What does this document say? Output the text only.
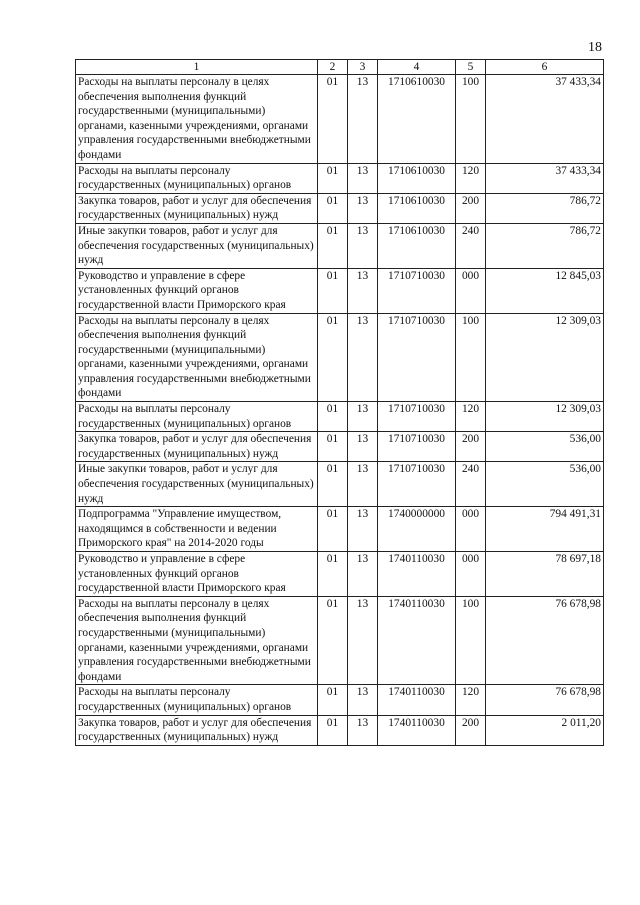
18
1	2	3	4	5	6
Расходы на выплаты персоналу в целях обеспечения выполнения функций государственными (муниципальными) органами, казенными учреждениями, органами управления государственными внебюджетными фондами	01	13	1710610030	100	37 433,34
Расходы на выплаты персоналу государственных (муниципальных) органов	01	13	1710610030	120	37 433,34
Закупка товаров, работ и услуг для обеспечения государственных (муниципальных) нужд	01	13	1710610030	200	786,72
Иные закупки товаров, работ и услуг для обеспечения государственных (муниципальных) нужд	01	13	1710610030	240	786,72
Руководство и управление в сфере установленных функций органов государственной власти Приморского края	01	13	1710710030	000	12 845,03
Расходы на выплаты персоналу в целях обеспечения выполнения функций государственными (муниципальными) органами, казенными учреждениями, органами управления государственными внебюджетными фондами	01	13	1710710030	100	12 309,03
Расходы на выплаты персоналу государственных (муниципальных) органов	01	13	1710710030	120	12 309,03
Закупка товаров, работ и услуг для обеспечения государственных (муниципальных) нужд	01	13	1710710030	200	536,00
Иные закупки товаров, работ и услуг для обеспечения государственных (муниципальных) нужд	01	13	1710710030	240	536,00
Подпрограмма "Управление имуществом, находящимся в собственности и ведении Приморского края" на 2014-2020 годы	01	13	1740000000	000	794 491,31
Руководство и управление в сфере установленных функций органов государственной власти Приморского края	01	13	1740110030	000	78 697,18
Расходы на выплаты персоналу в целях обеспечения выполнения функций государственными (муниципальными) органами, казенными учреждениями, органами управления государственными внебюджетными фондами	01	13	1740110030	100	76 678,98
Расходы на выплаты персоналу государственных (муниципальных) органов	01	13	1740110030	120	76 678,98
Закупка товаров, работ и услуг для обеспечения государственных (муниципальных) нужд	01	13	1740110030	200	2 011,20
